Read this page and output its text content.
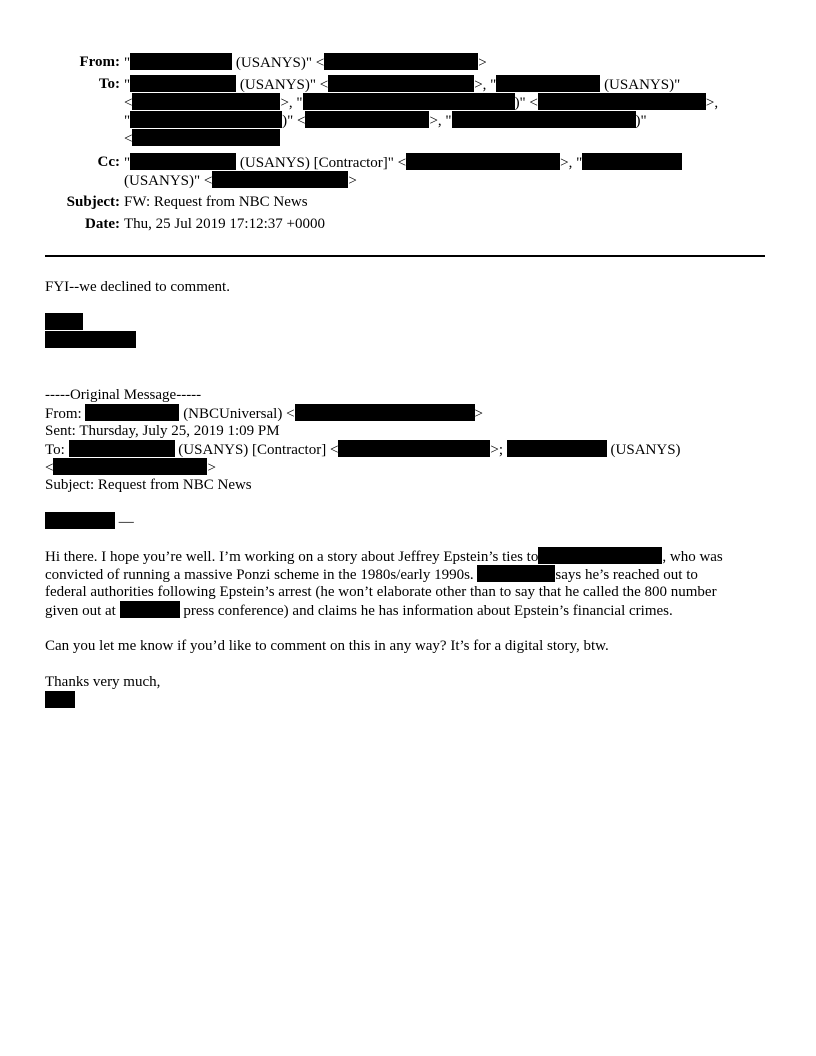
From: "	(USANYS)" <	>
To: "	(USANYS)" <	>, "	(USANYS)"
<	>, "	)" <	>,
"	)" <	>, "	)"
<
Cc: "	(USANYS) [Contractor]" <	>, "
(USANYS)" <	>
Subject: FW: Request from NBC News
Date: Thu, 25 Jul 2019 17:12:37 +0000
FYI--we declined to comment.
-----Original Message-----
From:	(NBCUniversal) <	>
Sent: Thursday, July 25, 2019 1:09 PM
To:	(USANYS) [Contractor] <	>;	(USANYS)
<	>
Subject: Request from NBC News
—
Hi there. I hope you’re well. I’m working on a story about Jeffrey Epstein’s ties to	, who was
convicted of running a massive Ponzi scheme in the 1980s/early 1990s.	says he’s reached out to
federal authorities following Epstein’s arrest (he won’t elaborate other than to say that he called the 800 number
given out at	press conference) and claims he has information about Epstein’s financial crimes.
Can you let me know if you’d like to comment on this in any way? It’s for a digital story, btw.
Thanks very much,
